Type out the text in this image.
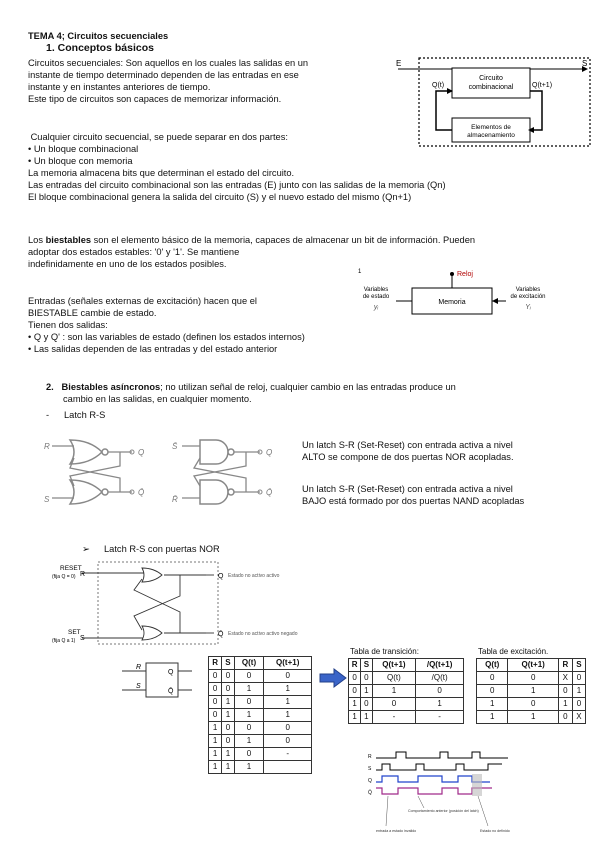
TEMA 4; Circuitos secuenciales
1. Conceptos básicos

Circuitos secuenciales: Son aquellos en los cuales las salidas en un

instante de tiempo determinado dependen de las entradas en ese

instante y en instantes anteriores de tiempo.

Este tipo de circuitos son capaces de memorizar información.

Cualquier circuito secuencial, se puede separar en dos partes:

• Un bloque combinacional

• Un bloque con memoria

La memoria almacena bits que determinan el estado del circuito.

Las entradas del circuito combinacional son las entradas (E) junto con las salidas de la memoria (Qn)

El bloque combinacional genera la salida del circuito (S) y el nuevo estado del mismo (Qn+1)

Los biestables son el elemento básico de la memoria, capaces de almacenar un bit de información. Pueden

adoptar dos estados estables: '0' y '1'. Se mantiene

indefinidamente en uno de los estados posibles.

Entradas (señales externas de excitación) hacen que el

BIESTABLE cambie de estado.

Tienen dos salidas:

• Q y Q' : son las variables de estado (definen los estados internos)

• Las salidas dependen de las entradas y del estado anterior

2. Biestables asíncronos; no utilizan señal de reloj, cualquier cambio en las entradas produce un

cambio en las salidas, en cualquier momento.

- Latch R-S

Un latch S-R (Set-Reset) con entrada activa a nivel

ALTO se compone de dos puertas NOR acopladas.

Un latch S-R (Set-Reset) con entrada activa a nivel

BAJO está formado por dos puertas NAND acopladas

➢ Latch R-S con puertas NOR
E	S
Circuito
combinacional
Elementos de
almacenamiento
Q(t)	Q(t+1)
1	Reloj
Memoria
Variables
de estado
yᵢ
Variables
de excitación
Yᵢ
R
S
Q
Q̄
S̄
R̄
Q
Q̄
RESET
(fija Q = 0) R
SET
(fija Q a 1) S
Q
Q̄
Estado no activo activo
Estado no activo activo negado
R
S
Q
Q̄
R	S	Q(t)	Q(t+1)
0	0	0	0
0	0	1	1
0	1	0	1
0	1	1	1
1	0	0	0
1	0	1	0
1	1	0	-
1	1	1	
Tabla de transición:
R	S	Q(t+1)	/Q(t+1)
0	0	Q(t)	/Q(t)
0	1	1	0
1	0	0	1
1	1	-	-
Tabla de excitación.
Q(t)	Q(t+1)	R	S
0	0	X	0
0	1	0	1
1	0	1	0
1	1	0	X
R
S
Q
Q̄
Comportamiento anterior (posición del latch)
entrada a estado invalido	Estado no definido
